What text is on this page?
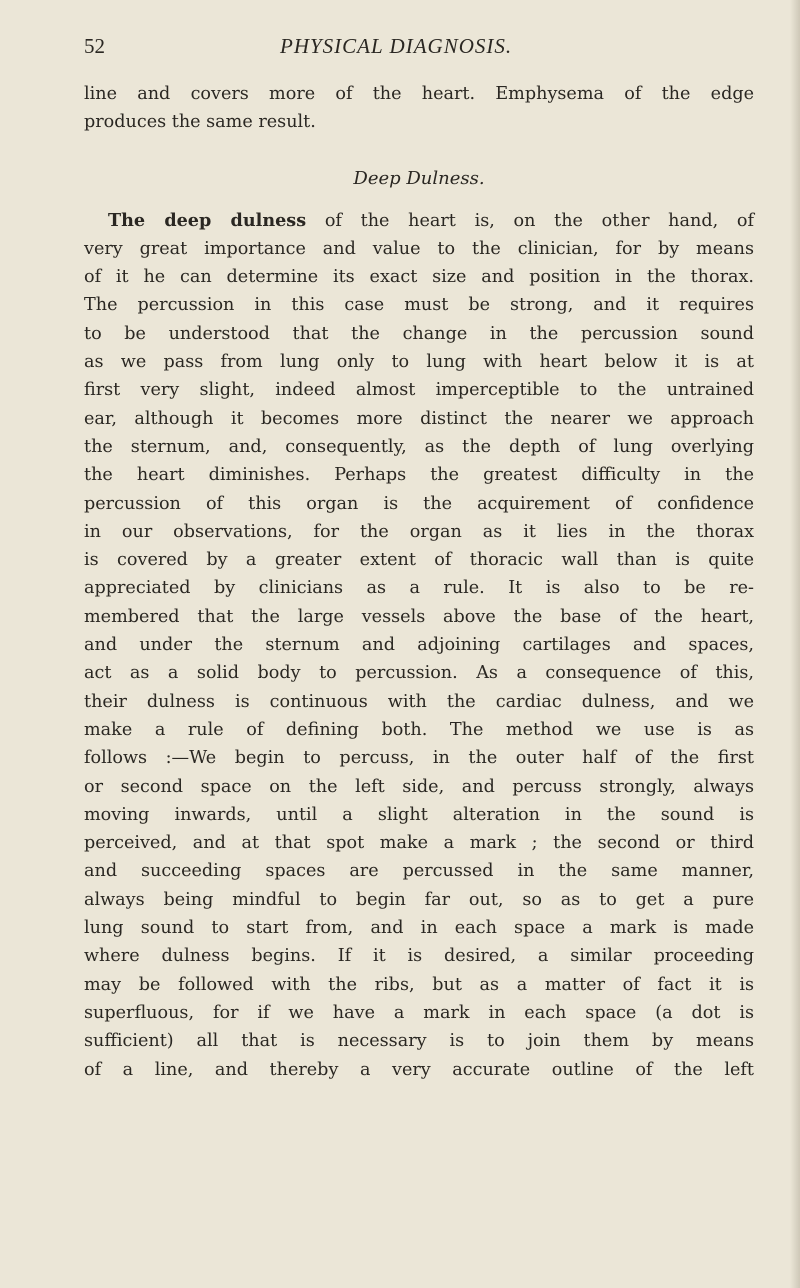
52	PHYSICAL DIAGNOSIS.
line and covers more of the heart. Emphysema of the edge
produces the same result.
Deep Dulness.
The deep dulness of the heart is, on the other hand, of
very great importance and value to the clinician, for by means
of it he can determine its exact size and position in the thorax.
The percussion in this case must be strong, and it requires
to be understood that the change in the percussion sound
as we pass from lung only to lung with heart below it is at
first very slight, indeed almost imperceptible to the untrained
ear, although it becomes more distinct the nearer we approach
the sternum, and, consequently, as the depth of lung overlying
the heart diminishes. Perhaps the greatest difficulty in the
percussion of this organ is the acquirement of confidence
in our observations, for the organ as it lies in the thorax
is covered by a greater extent of thoracic wall than is quite
appreciated by clinicians as a rule. It is also to be re-
membered that the large vessels above the base of the heart,
and under the sternum and adjoining cartilages and spaces,
act as a solid body to percussion. As a consequence of this,
their dulness is continuous with the cardiac dulness, and we
make a rule of defining both. The method we use is as
follows :—We begin to percuss, in the outer half of the first
or second space on the left side, and percuss strongly, always
moving inwards, until a slight alteration in the sound is
perceived, and at that spot make a mark ; the second or third
and succeeding spaces are percussed in the same manner,
always being mindful to begin far out, so as to get a pure
lung sound to start from, and in each space a mark is made
where dulness begins. If it is desired, a similar proceeding
may be followed with the ribs, but as a matter of fact it is
superfluous, for if we have a mark in each space (a dot is
sufficient) all that is necessary is to join them by means
of a line, and thereby a very accurate outline of the left
